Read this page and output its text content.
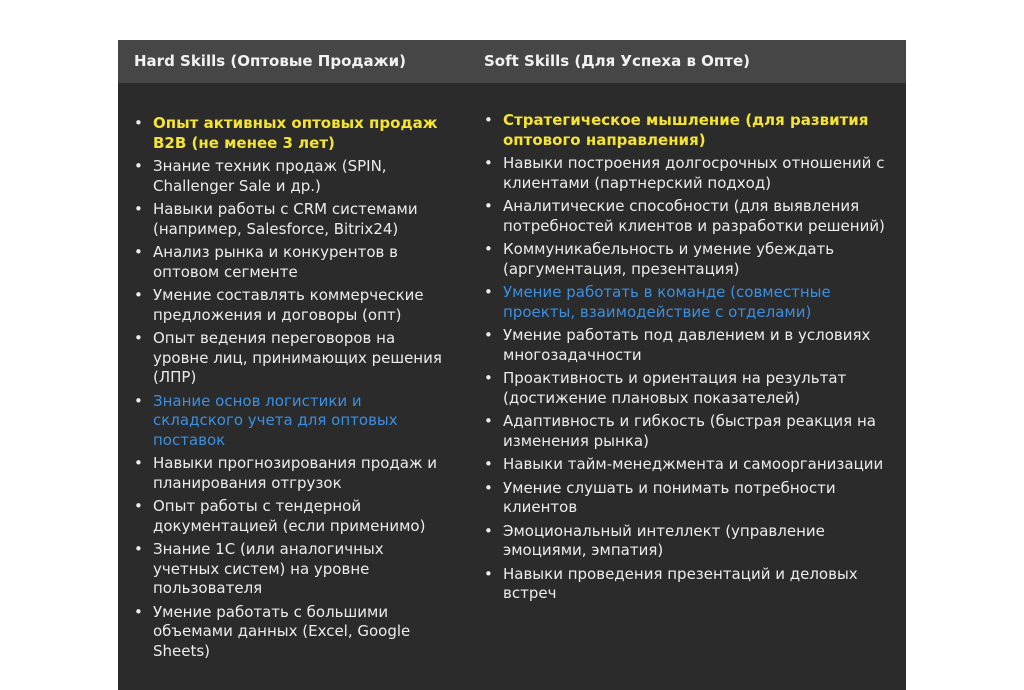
Hard Skills (Оптовые Продажи)	Soft Skills (Для Успеха в Опте)
• Опыт активных оптовых продаж B2B (не менее 3 лет)
• Знание техник продаж (SPIN, Challenger Sale и др.)
• Навыки работы с CRM системами (например, Salesforce, Bitrix24)
• Анализ рынка и конкурентов в оптовом сегменте
• Умение составлять коммерческие предложения и договоры (опт)
• Опыт ведения переговоров на уровне лиц, принимающих решения (ЛПР)
• Знание основ логистики и складского учета для оптовых поставок
• Навыки прогнозирования продаж и планирования отгрузок
• Опыт работы с тендерной документацией (если применимо)
• Знание 1С (или аналогичных учетных систем) на уровне пользователя
• Умение работать с большими объемами данных (Excel, Google Sheets)
• Стратегическое мышление (для развития оптового направления)
• Навыки построения долгосрочных отношений с клиентами (партнерский подход)
• Аналитические способности (для выявления потребностей клиентов и разработки решений)
• Коммуникабельность и умение убеждать (аргументация, презентация)
• Умение работать в команде (совместные проекты, взаимодействие с отделами)
• Умение работать под давлением и в условиях многозадачности
• Проактивность и ориентация на результат (достижение плановых показателей)
• Адаптивность и гибкость (быстрая реакция на изменения рынка)
• Навыки тайм-менеджмента и самоорганизации
• Умение слушать и понимать потребности клиентов
• Эмоциональный интеллект (управление эмоциями, эмпатия)
• Навыки проведения презентаций и деловых встреч
